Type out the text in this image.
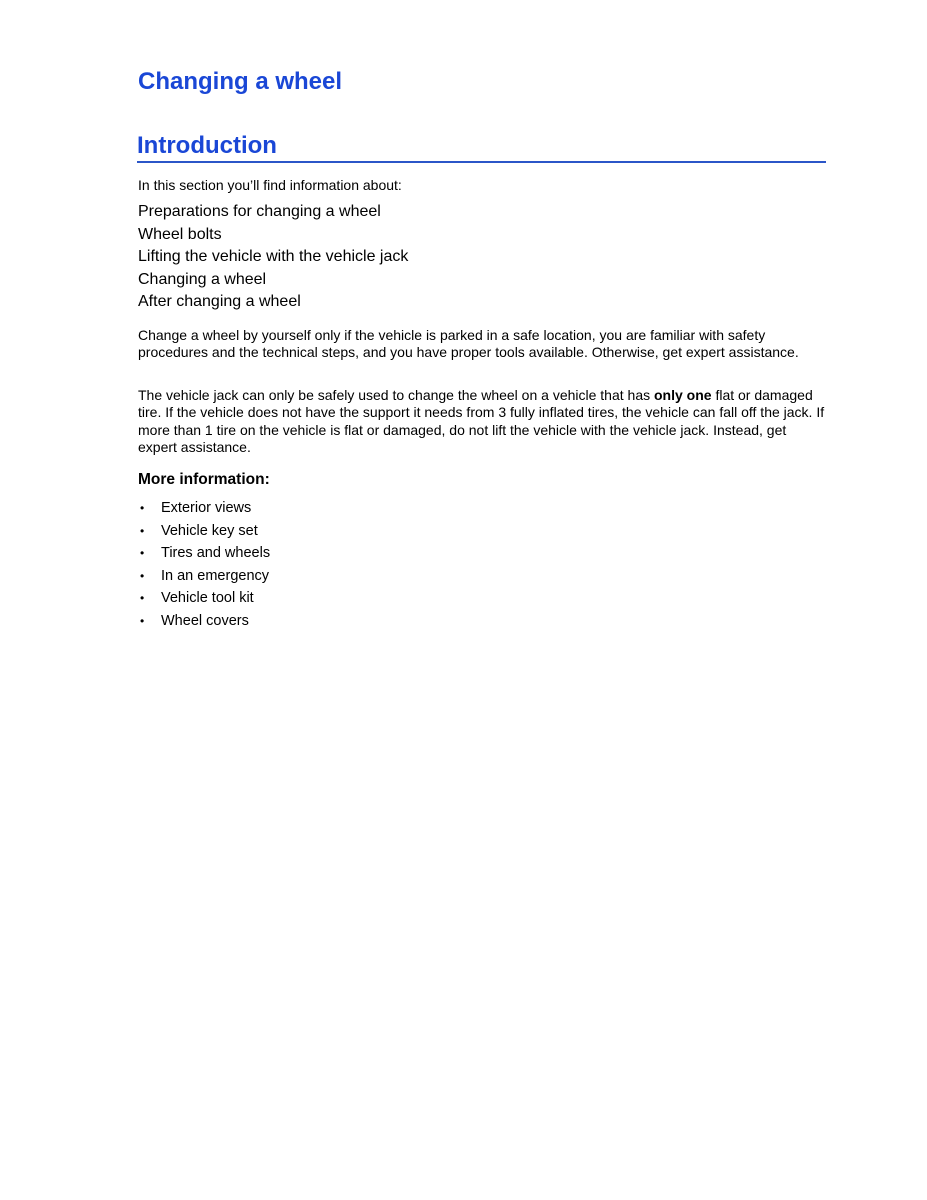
Changing a wheel
Introduction

In this section you’ll find information about:

Preparations for changing a wheel
Wheel bolts
Lifting the vehicle with the vehicle jack
Changing a wheel
After changing a wheel

Change a wheel by yourself only if the vehicle is parked in a safe location, you are familiar with safety procedures and the technical steps, and you have proper tools available. Otherwise, get expert assistance.

The vehicle jack can only be safely used to change the wheel on a vehicle that has only one flat or damaged tire. If the vehicle does not have the support it needs from 3 fully inflated tires, the vehicle can fall off the jack. If more than 1 tire on the vehicle is flat or damaged, do not lift the vehicle with the vehicle jack. Instead, get expert assistance.

More information:
• Exterior views
• Vehicle key set
• Tires and wheels
• In an emergency
• Vehicle tool kit
• Wheel covers
